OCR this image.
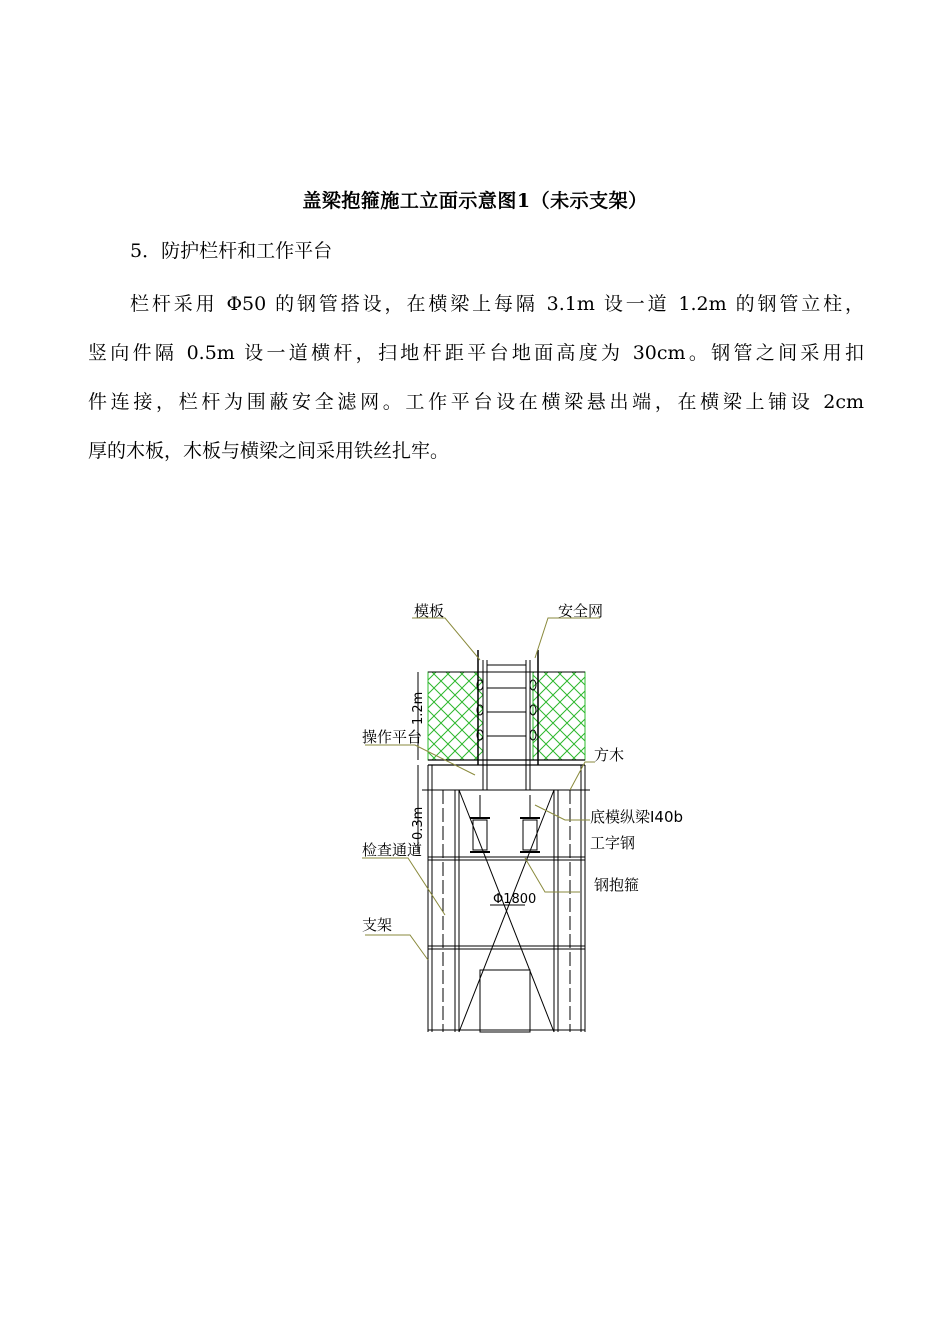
盖梁抱箍施工立面示意图1（未示支架）
5．防护栏杆和工作平台
栏杆采用 Φ50 的钢管搭设，在横梁上每隔 3.1m 设一道 1.2m 的钢管立柱，
竖向件隔 0.5m 设一道横杆，扫地杆距平台地面高度为 30cm。钢管之间采用扣
件连接，栏杆为围蔽安全滤网。工作平台设在横梁悬出端，在横梁上铺设 2cm
厚的木板，木板与横梁之间采用铁丝扎牢。
Φ1800
1.2m
0.3m
模板	安全网
操作平台
方木
底模纵梁I40b
工字钢
钢抱箍
检查通道
支架
